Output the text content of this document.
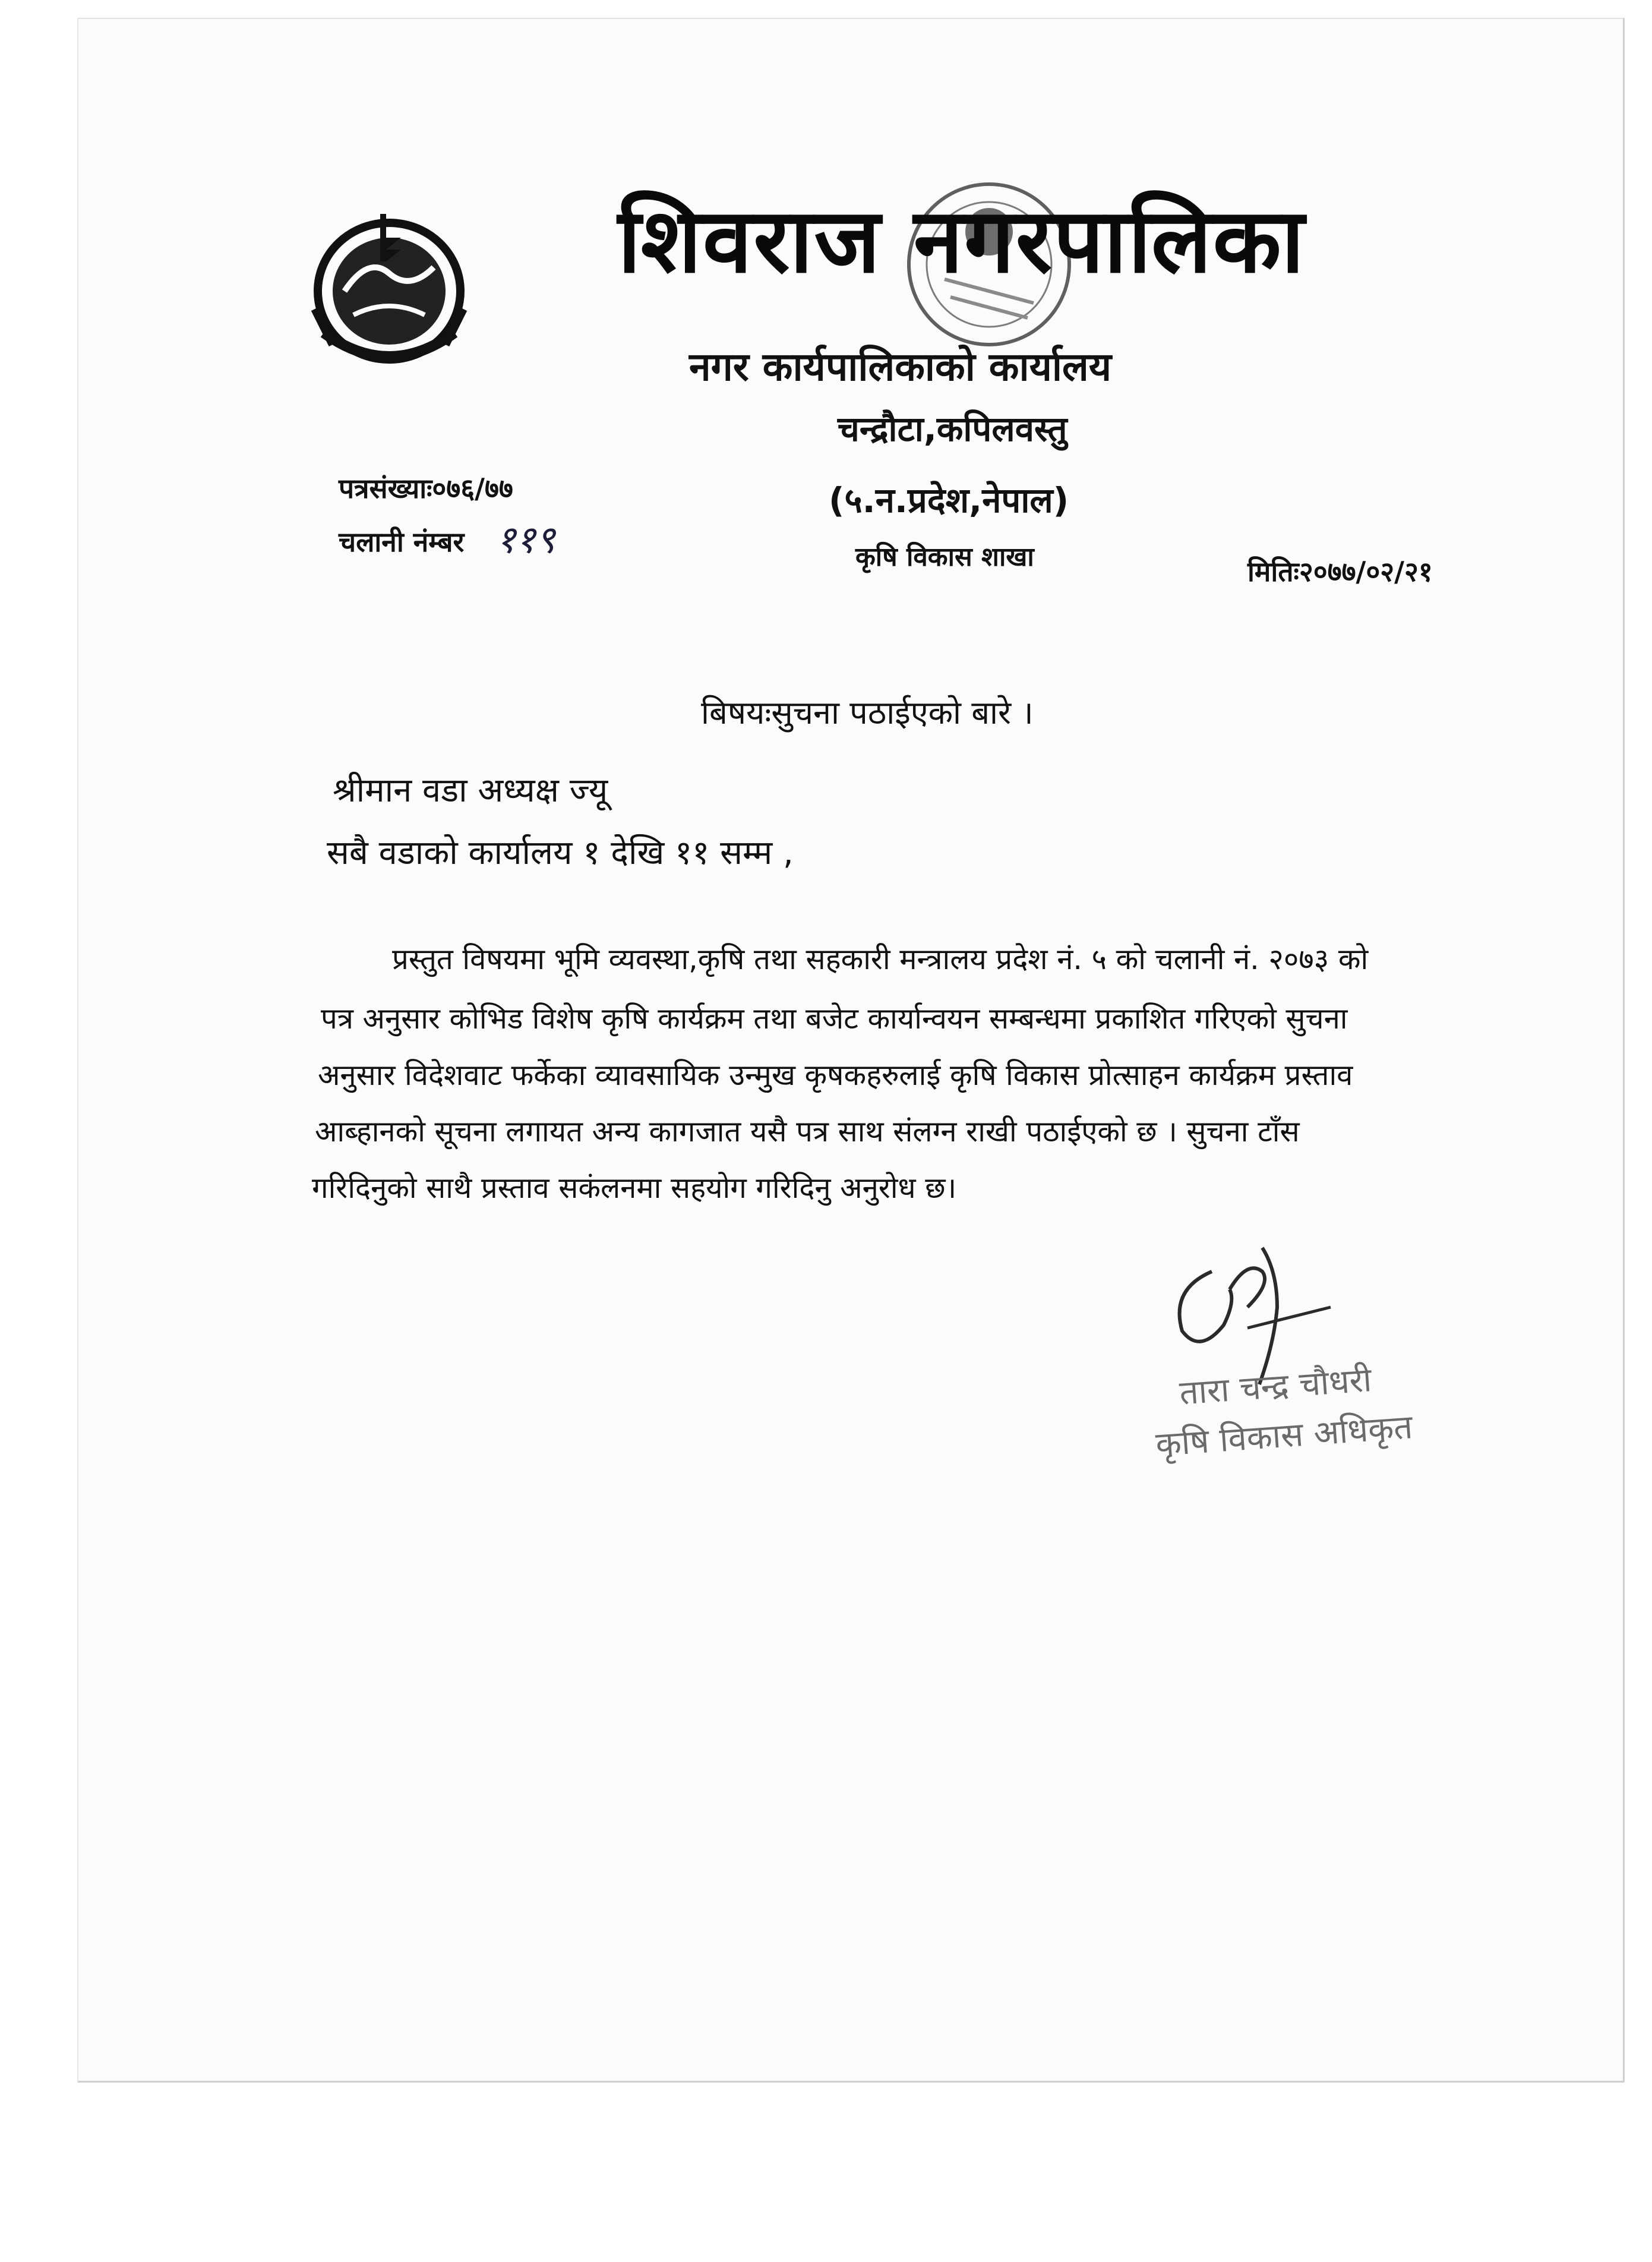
शिवराज नगरपालिका
नगर कार्यपालिकाको कार्यालय
चन्द्रौटा,कपिलवस्तु
(५.न.प्रदेश,नेपाल)
कृषि विकास शाखा
पत्रसंख्याः०७६/७७
चलानी नंम्बर ११९
मितिः२०७७/०२/२१
बिषयःसुचना पठाईएको बारे ।
श्रीमान वडा अध्यक्ष ज्यू
सबै वडाको कार्यालय १ देखि ११ सम्म ,
प्रस्तुत विषयमा भूमि व्यवस्था,कृषि तथा सहकारी मन्त्रालय प्रदेश नं. ५ को चलानी नं. २०७३ को
पत्र अनुसार कोभिड विशेष कृषि कार्यक्रम तथा बजेट कार्यान्वयन सम्बन्धमा प्रकाशित गरिएको सुचना
अनुसार विदेशवाट फर्केका व्यावसायिक उन्मुख कृषकहरुलाई कृषि विकास प्रोत्साहन कार्यक्रम प्रस्ताव
आब्हानको सूचना लगायत अन्य कागजात यसै पत्र साथ संलग्न राखी पठाईएको छ । सुचना टाँस
गरिदिनुको साथै प्रस्ताव सकंलनमा सहयोग गरिदिनु अनुरोध छ।
तारा चन्द्र चौधरी
कृषि विकास अधिकृत
